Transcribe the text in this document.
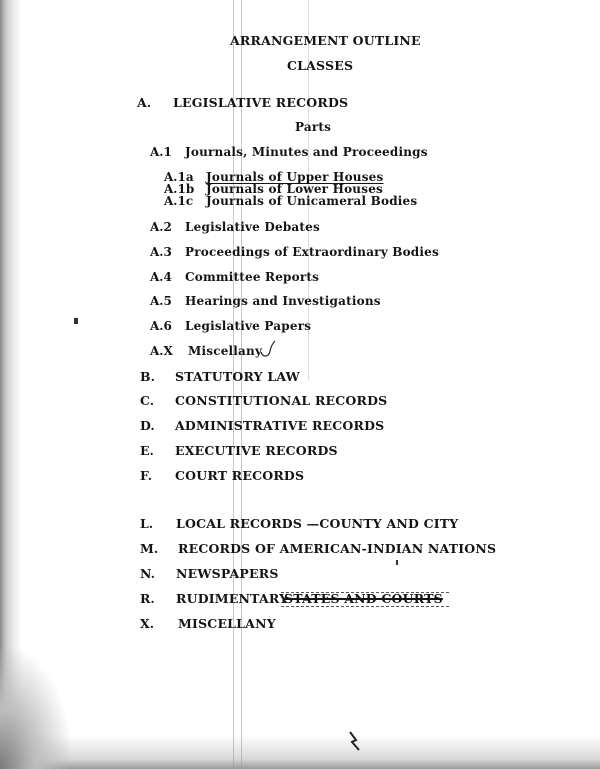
ARRANGEMENT OUTLINE
CLASSES
A. LEGISLATIVE RECORDS
Parts
A.1 Journals, Minutes and Proceedings
A.1a Journals of Upper Houses
A.1b Journals of Lower Houses
A.1c Journals of Unicameral Bodies
A.2 Legislative Debates
A.3 Proceedings of Extraordinary Bodies
A.4 Committee Reports
A.5 Hearings and Investigations
A.6 Legislative Papers
A.X Miscellany
B. STATUTORY LAW
C. CONSTITUTIONAL RECORDS
D. ADMINISTRATIVE RECORDS
E. EXECUTIVE RECORDS
F. COURT RECORDS
L. LOCAL RECORDS —COUNTY AND CITY
M. RECORDS OF AMERICAN-INDIAN NATIONS
N. NEWSPAPERS
R. RUDIMENTARY
STATES AND COURTS
X. MISCELLANY
